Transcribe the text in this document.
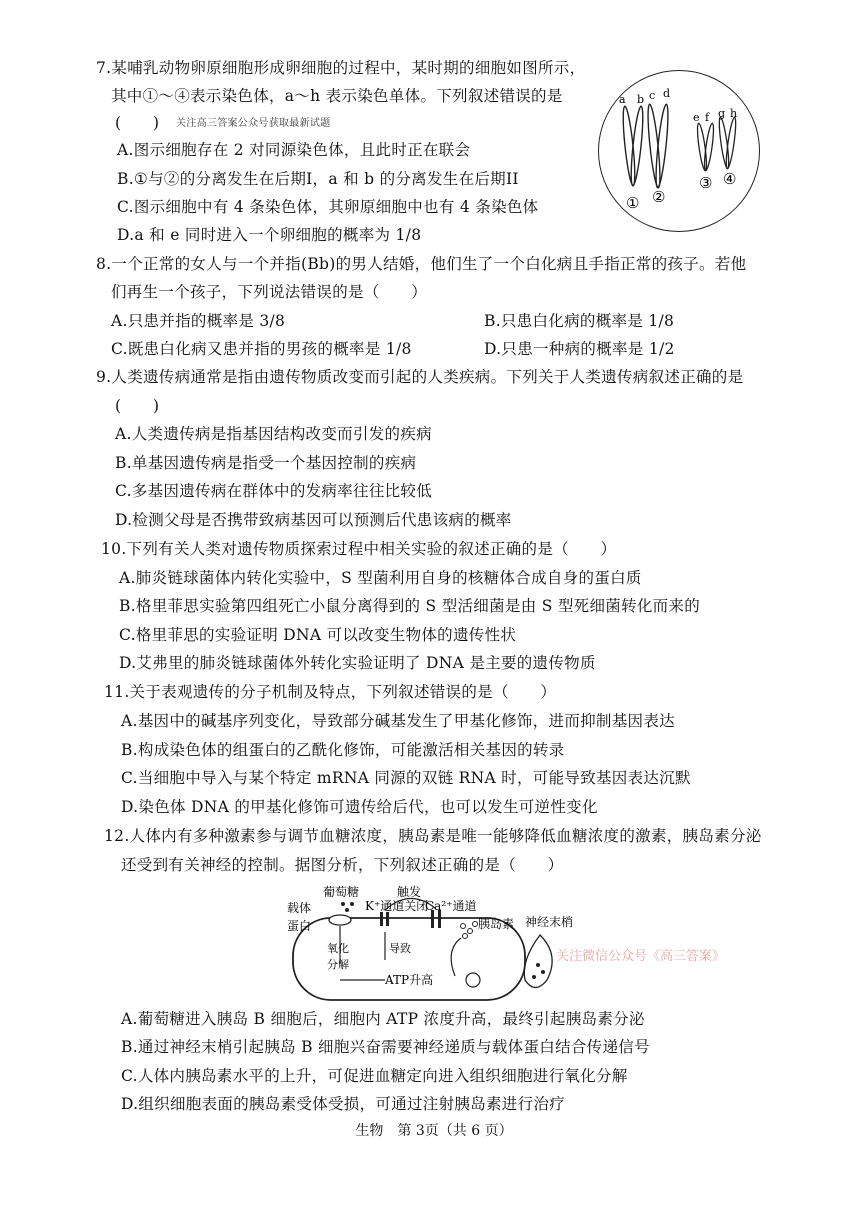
7.某哺乳动物卵原细胞形成卵细胞的过程中，某时期的细胞如图所示，
其中①～④表示染色体，a～h 表示染色单体。下列叙述错误的是
(　　) 关注高三答案公众号获取最新试题
A.图示细胞存在 2 对同源染色体，且此时正在联会
B.①与②的分离发生在后期I，a 和 b 的分离发生在后期II
C.图示细胞中有 4 条染色体，其卵原细胞中也有 4 条染色体
D.a 和 e 同时进入一个卵细胞的概率为 1/8
a b c d
e f g h
① ②
③ ④
8.一个正常的女人与一个并指(Bb)的男人结婚，他们生了一个白化病且手指正常的孩子。若他
们再生一个孩子，下列说法错误的是（　　）
A.只患并指的概率是 3/8	B.只患白化病的概率是 1/8
C.既患白化病又患并指的男孩的概率是 1/8	D.只患一种病的概率是 1/2
9.人类遗传病通常是指由遗传物质改变而引起的人类疾病。下列关于人类遗传病叙述正确的是
(　　)
A.人类遗传病是指基因结构改变而引发的疾病
B.单基因遗传病是指受一个基因控制的疾病
C.多基因遗传病在群体中的发病率往往比较低
D.检测父母是否携带致病基因可以预测后代患该病的概率
10.下列有关人类对遗传物质探索过程中相关实验的叙述正确的是（　　）
A.肺炎链球菌体内转化实验中，S 型菌利用自身的核糖体合成自身的蛋白质
B.格里菲思实验第四组死亡小鼠分离得到的 S 型活细菌是由 S 型死细菌转化而来的
C.格里菲思的实验证明 DNA 可以改变生物体的遗传性状
D.艾弗里的肺炎链球菌体外转化实验证明了 DNA 是主要的遗传物质
11.关于表观遗传的分子机制及特点，下列叙述错误的是（　　）
A.基因中的碱基序列变化，导致部分碱基发生了甲基化修饰，进而抑制基因表达
B.构成染色体的组蛋白的乙酰化修饰，可能激活相关基因的转录
C.当细胞中导入与某个特定 mRNA 同源的双链 RNA 时，可能导致基因表达沉默
D.染色体 DNA 的甲基化修饰可遗传给后代，也可以发生可逆性变化
12.人体内有多种激素参与调节血糖浓度，胰岛素是唯一能够降低血糖浓度的激素，胰岛素分泌
还受到有关神经的控制。据图分析，下列叙述正确的是（　　）
载体
蛋白
葡萄糖	触发
K⁺通道关闭
Ca²⁺通道
胰岛素 神经末梢
氧化
分解
导致
ATP升高
关注微信公众号《高三答案》
A.葡萄糖进入胰岛 B 细胞后，细胞内 ATP 浓度升高，最终引起胰岛素分泌
B.通过神经末梢引起胰岛 B 细胞兴奋需要神经递质与载体蛋白结合传递信号
C.人体内胰岛素水平的上升，可促进血糖定向进入组织细胞进行氧化分解
D.组织细胞表面的胰岛素受体受损，可通过注射胰岛素进行治疗
生物　第 3页（共 6 页）
